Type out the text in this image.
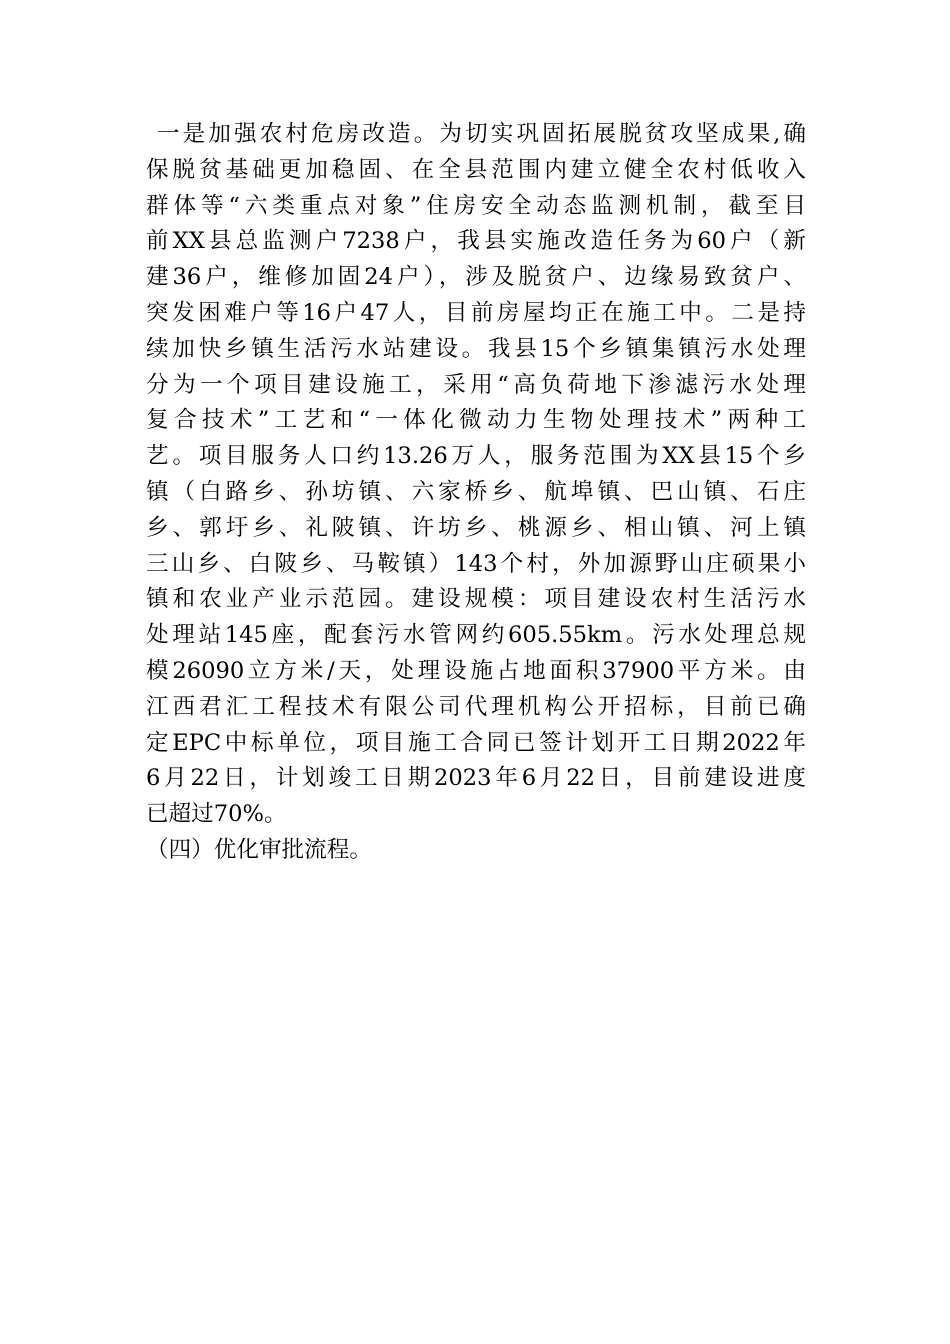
一是加强农村危房改造。为切实巩固拓展脱贫攻坚成果,确
保脱贫基础更加稳固、在全县范围内建立健全农村低收入
群体等“六类重点对象”住房安全动态监测机制，截至目
前XX县总监测户7238户，我县实施改造任务为60户（新
建36户，维修加固24户），涉及脱贫户、边缘易致贫户、
突发困难户等16户47人，目前房屋均正在施工中。二是持
续加快乡镇生活污水站建设。我县15个乡镇集镇污水处理
分为一个项目建设施工，采用“高负荷地下渗滤污水处理
复合技术”工艺和“一体化微动力生物处理技术”两种工
艺。项目服务人口约13.26万人，服务范围为XX县15个乡
镇（白路乡、孙坊镇、六家桥乡、航埠镇、巴山镇、石庄
乡、郭圩乡、礼陂镇、许坊乡、桃源乡、相山镇、河上镇
三山乡、白陂乡、马鞍镇）143个村，外加源野山庄硕果小
镇和农业产业示范园。建设规模：项目建设农村生活污水
处理站145座，配套污水管网约605.55km。污水处理总规
模26090立方米/天，处理设施占地面积37900平方米。由
江西君汇工程技术有限公司代理机构公开招标，目前已确
定EPC中标单位，项目施工合同已签计划开工日期2022年
6月22日，计划竣工日期2023年6月22日，目前建设进度
已超过70%。
（四）优化审批流程。
